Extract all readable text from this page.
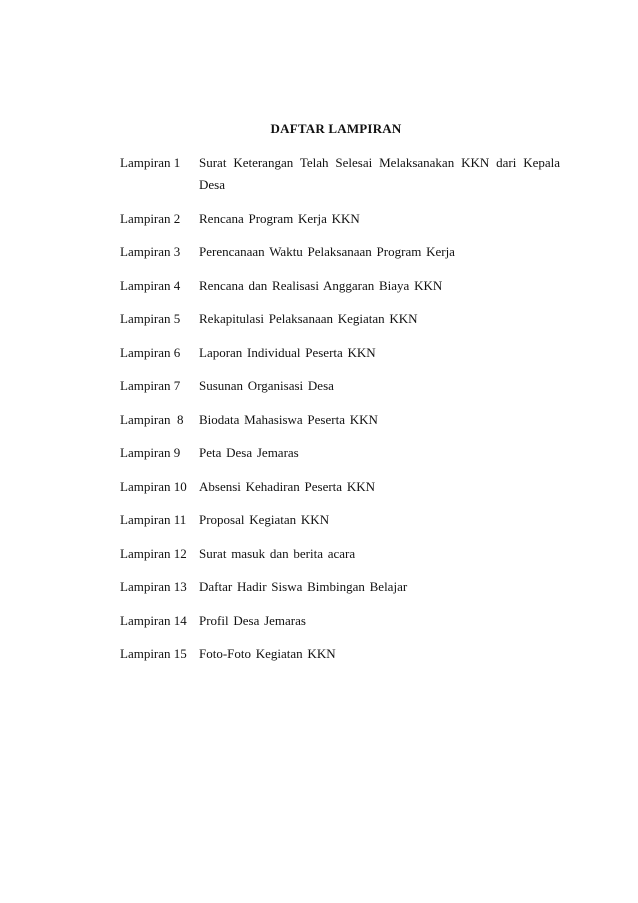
DAFTAR LAMPIRAN
Lampiran 1	Surat Keterangan Telah Selesai Melaksanakan KKN dari Kepala Desa
Lampiran 2	Rencana Program Kerja KKN
Lampiran 3	Perencanaan Waktu Pelaksanaan Program Kerja
Lampiran 4	Rencana dan Realisasi Anggaran Biaya KKN
Lampiran 5	Rekapitulasi Pelaksanaan Kegiatan KKN
Lampiran 6	Laporan Individual Peserta KKN
Lampiran 7	Susunan Organisasi Desa
Lampiran  8	Biodata Mahasiswa Peserta KKN
Lampiran 9	Peta Desa Jemaras
Lampiran 10 Absensi Kehadiran Peserta KKN
Lampiran 11 Proposal Kegiatan KKN
Lampiran 12 Surat masuk dan berita acara
Lampiran 13 Daftar Hadir Siswa Bimbingan Belajar
Lampiran 14 Profil Desa Jemaras
Lampiran 15 Foto-Foto Kegiatan KKN
